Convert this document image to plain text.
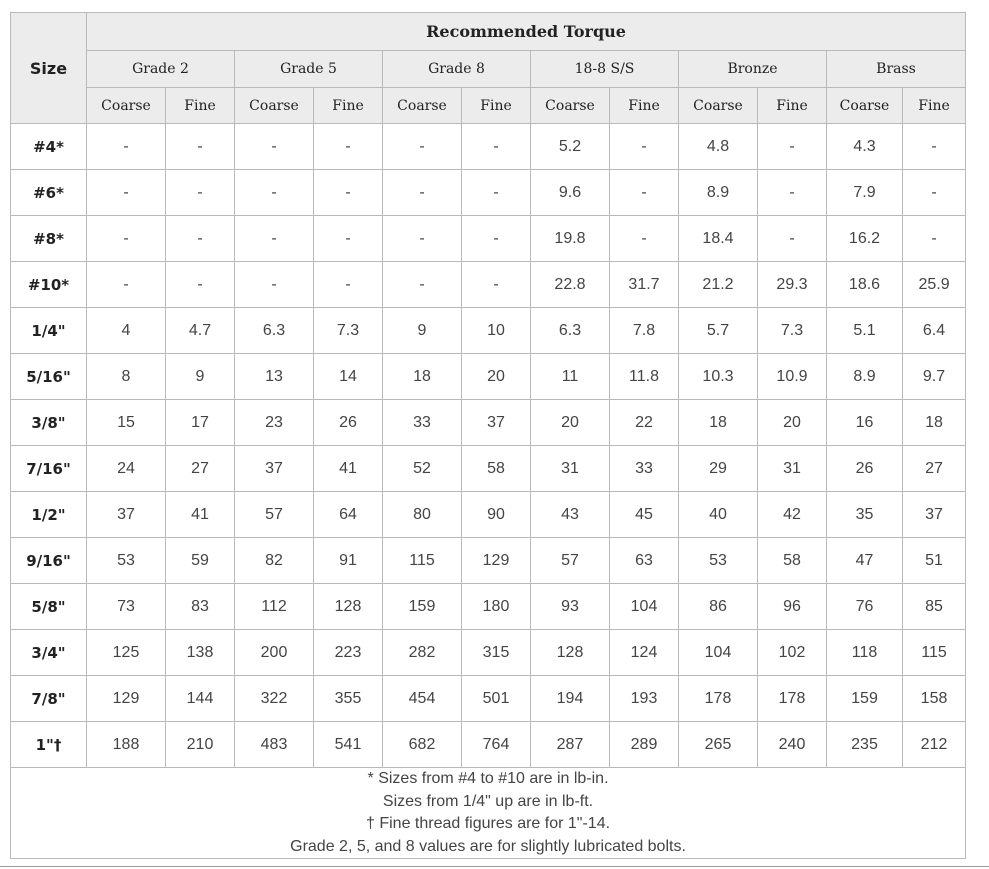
Size	Recommended Torque											
	Grade 2		Grade 5		Grade 8		18-8 S/S		Bronze		Brass	
	Coarse	Fine	Coarse	Fine	Coarse	Fine	Coarse	Fine	Coarse	Fine	Coarse	Fine
#4*	-	-	-	-	-	-	5.2	-	4.8	-	4.3	-
#6*	-	-	-	-	-	-	9.6	-	8.9	-	7.9	-
#8*	-	-	-	-	-	-	19.8	-	18.4	-	16.2	-
#10*	-	-	-	-	-	-	22.8	31.7	21.2	29.3	18.6	25.9
1/4"	4	4.7	6.3	7.3	9	10	6.3	7.8	5.7	7.3	5.1	6.4
5/16"	8	9	13	14	18	20	11	11.8	10.3	10.9	8.9	9.7
3/8"	15	17	23	26	33	37	20	22	18	20	16	18
7/16"	24	27	37	41	52	58	31	33	29	31	26	27
1/2"	37	41	57	64	80	90	43	45	40	42	35	37
9/16"	53	59	82	91	115	129	57	63	53	58	47	51
5/8"	73	83	112	128	159	180	93	104	86	96	76	85
3/4"	125	138	200	223	282	315	128	124	104	102	118	115
7/8"	129	144	322	355	454	501	194	193	178	178	159	158
1"†	188	210	483	541	682	764	287	289	265	240	235	212

* Sizes from #4 to #10 are in lb-in.
Sizes from 1/4" up are in lb-ft.
† Fine thread figures are for 1"-14.
Grade 2, 5, and 8 values are for slightly lubricated bolts.												
